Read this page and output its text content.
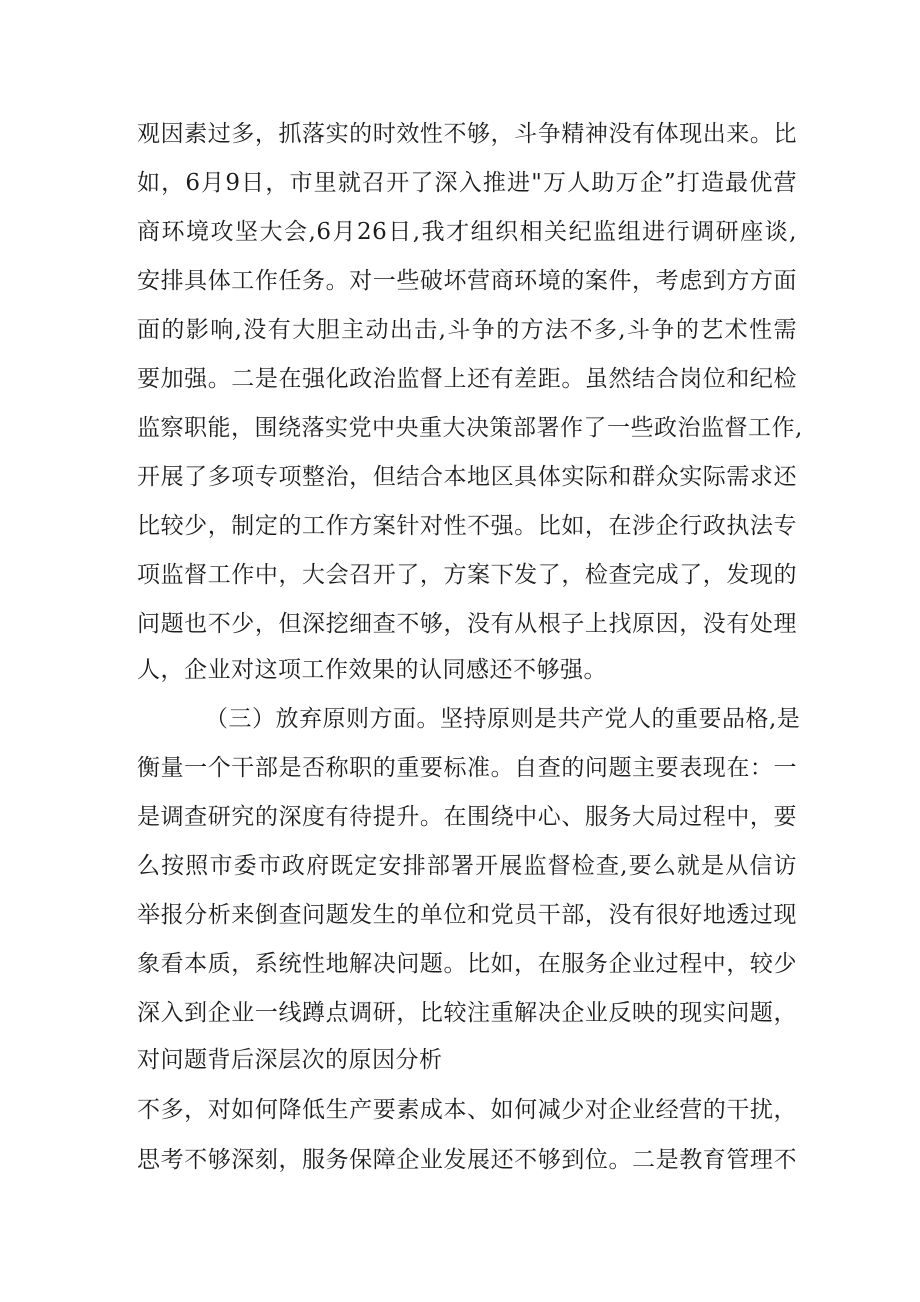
观因素过多，抓落实的时效性不够，斗争精神没有体现出来。比
如，6月9日，市里就召开了深入推进"万人助万企”打造最优营
商环境攻坚大会,6月26日,我才组织相关纪监组进行调研座谈,
安排具体工作任务。对一些破坏营商环境的案件，考虑到方方面
面的影响,没有大胆主动出击,斗争的方法不多,斗争的艺术性需
要加强。二是在强化政治监督上还有差距。虽然结合岗位和纪检
监察职能，围绕落实党中央重大决策部署作了一些政治监督工作,
开展了多项专项整治，但结合本地区具体实际和群众实际需求还
比较少，制定的工作方案针对性不强。比如，在涉企行政执法专
项监督工作中，大会召开了，方案下发了，检查完成了，发现的
问题也不少，但深挖细查不够，没有从根子上找原因，没有处理
人，企业对这项工作效果的认同感还不够强。
（三）放弃原则方面。坚持原则是共产党人的重要品格,是
衡量一个干部是否称职的重要标准。自查的问题主要表现在：一
是调查研究的深度有待提升。在围绕中心、服务大局过程中，要
么按照市委市政府既定安排部署开展监督检查,要么就是从信访
举报分析来倒查问题发生的单位和党员干部，没有很好地透过现
象看本质，系统性地解决问题。比如，在服务企业过程中，较少
深入到企业一线蹲点调研，比较注重解决企业反映的现实问题，
对问题背后深层次的原因分析
不多，对如何降低生产要素成本、如何减少对企业经营的干扰，
思考不够深刻，服务保障企业发展还不够到位。二是教育管理不
